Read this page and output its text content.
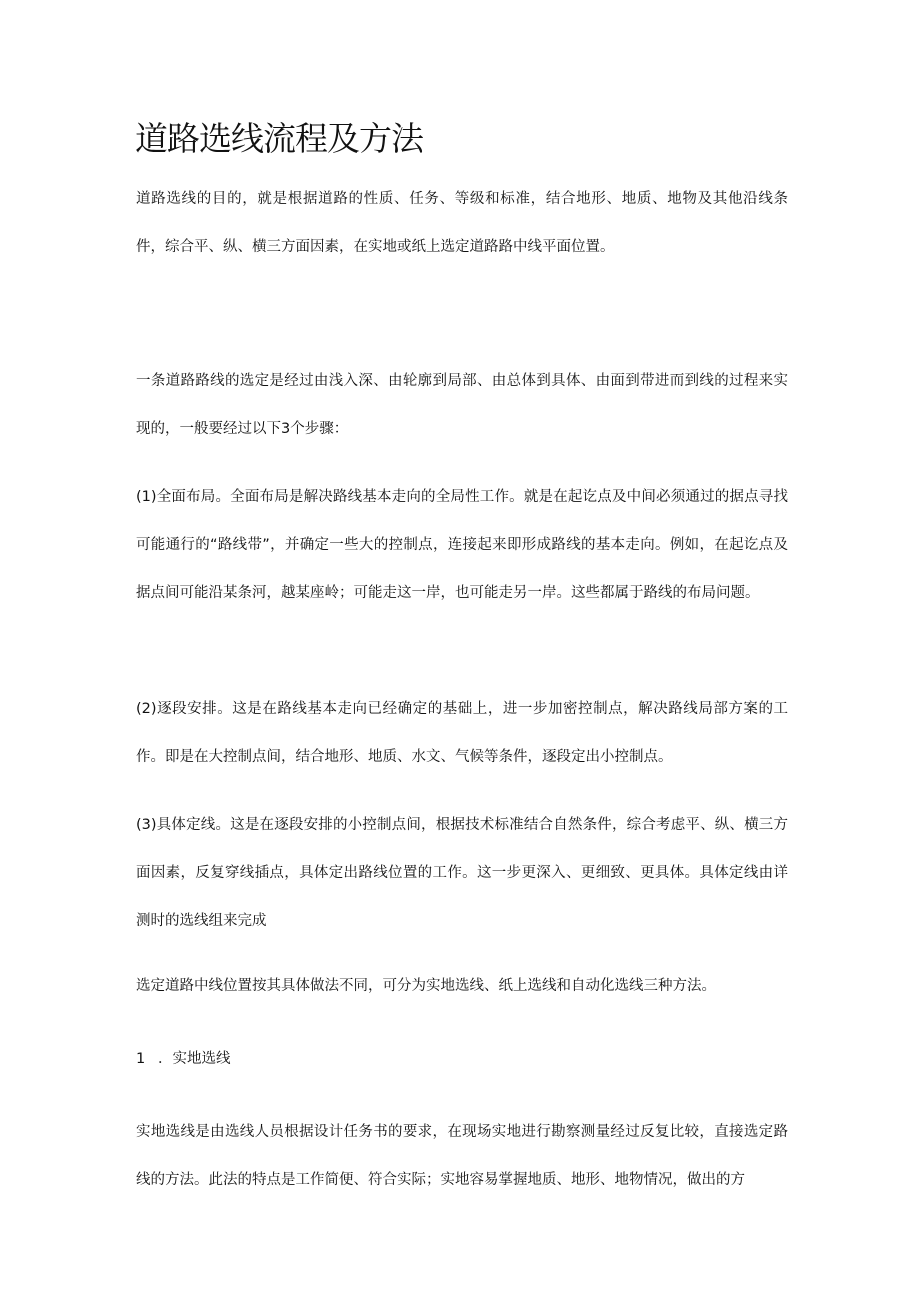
道路选线流程及方法

道路选线的目的，就是根据道路的性质、任务、等级和标准，结合地形、地质、地物及其他沿线条件，综合平、纵、横三方面因素，在实地或纸上选定道路路中线平面位置。

一条道路路线的选定是经过由浅入深、由轮廓到局部、由总体到具体、由面到带进而到线的过程来实现的，一般要经过以下3个步骤：

(1)全面布局。全面布局是解决路线基本走向的全局性工作。就是在起讫点及中间必须通过的据点寻找可能通行的“路线带”，并确定一些大的控制点，连接起来即形成路线的基本走向。例如，在起讫点及据点间可能沿某条河，越某座岭；可能走这一岸，也可能走另一岸。这些都属于路线的布局问题。

(2)逐段安排。这是在路线基本走向已经确定的基础上，进一步加密控制点，解决路线局部方案的工作。即是在大控制点间，结合地形、地质、水文、气候等条件，逐段定出小控制点。

(3)具体定线。这是在逐段安排的小控制点间，根据技术标准结合自然条件，综合考虑平、纵、横三方面因素，反复穿线插点，具体定出路线位置的工作。这一步更深入、更细致、更具体。具体定线由详测时的选线组来完成

选定道路中线位置按其具体做法不同，可分为实地选线、纸上选线和自动化选线三种方法。

1 ．实地选线

实地选线是由选线人员根据设计任务书的要求，在现场实地进行勘察测量经过反复比较，直接选定路线的方法。此法的特点是工作简便、符合实际；实地容易掌握地质、地形、地物情况，做出的方
